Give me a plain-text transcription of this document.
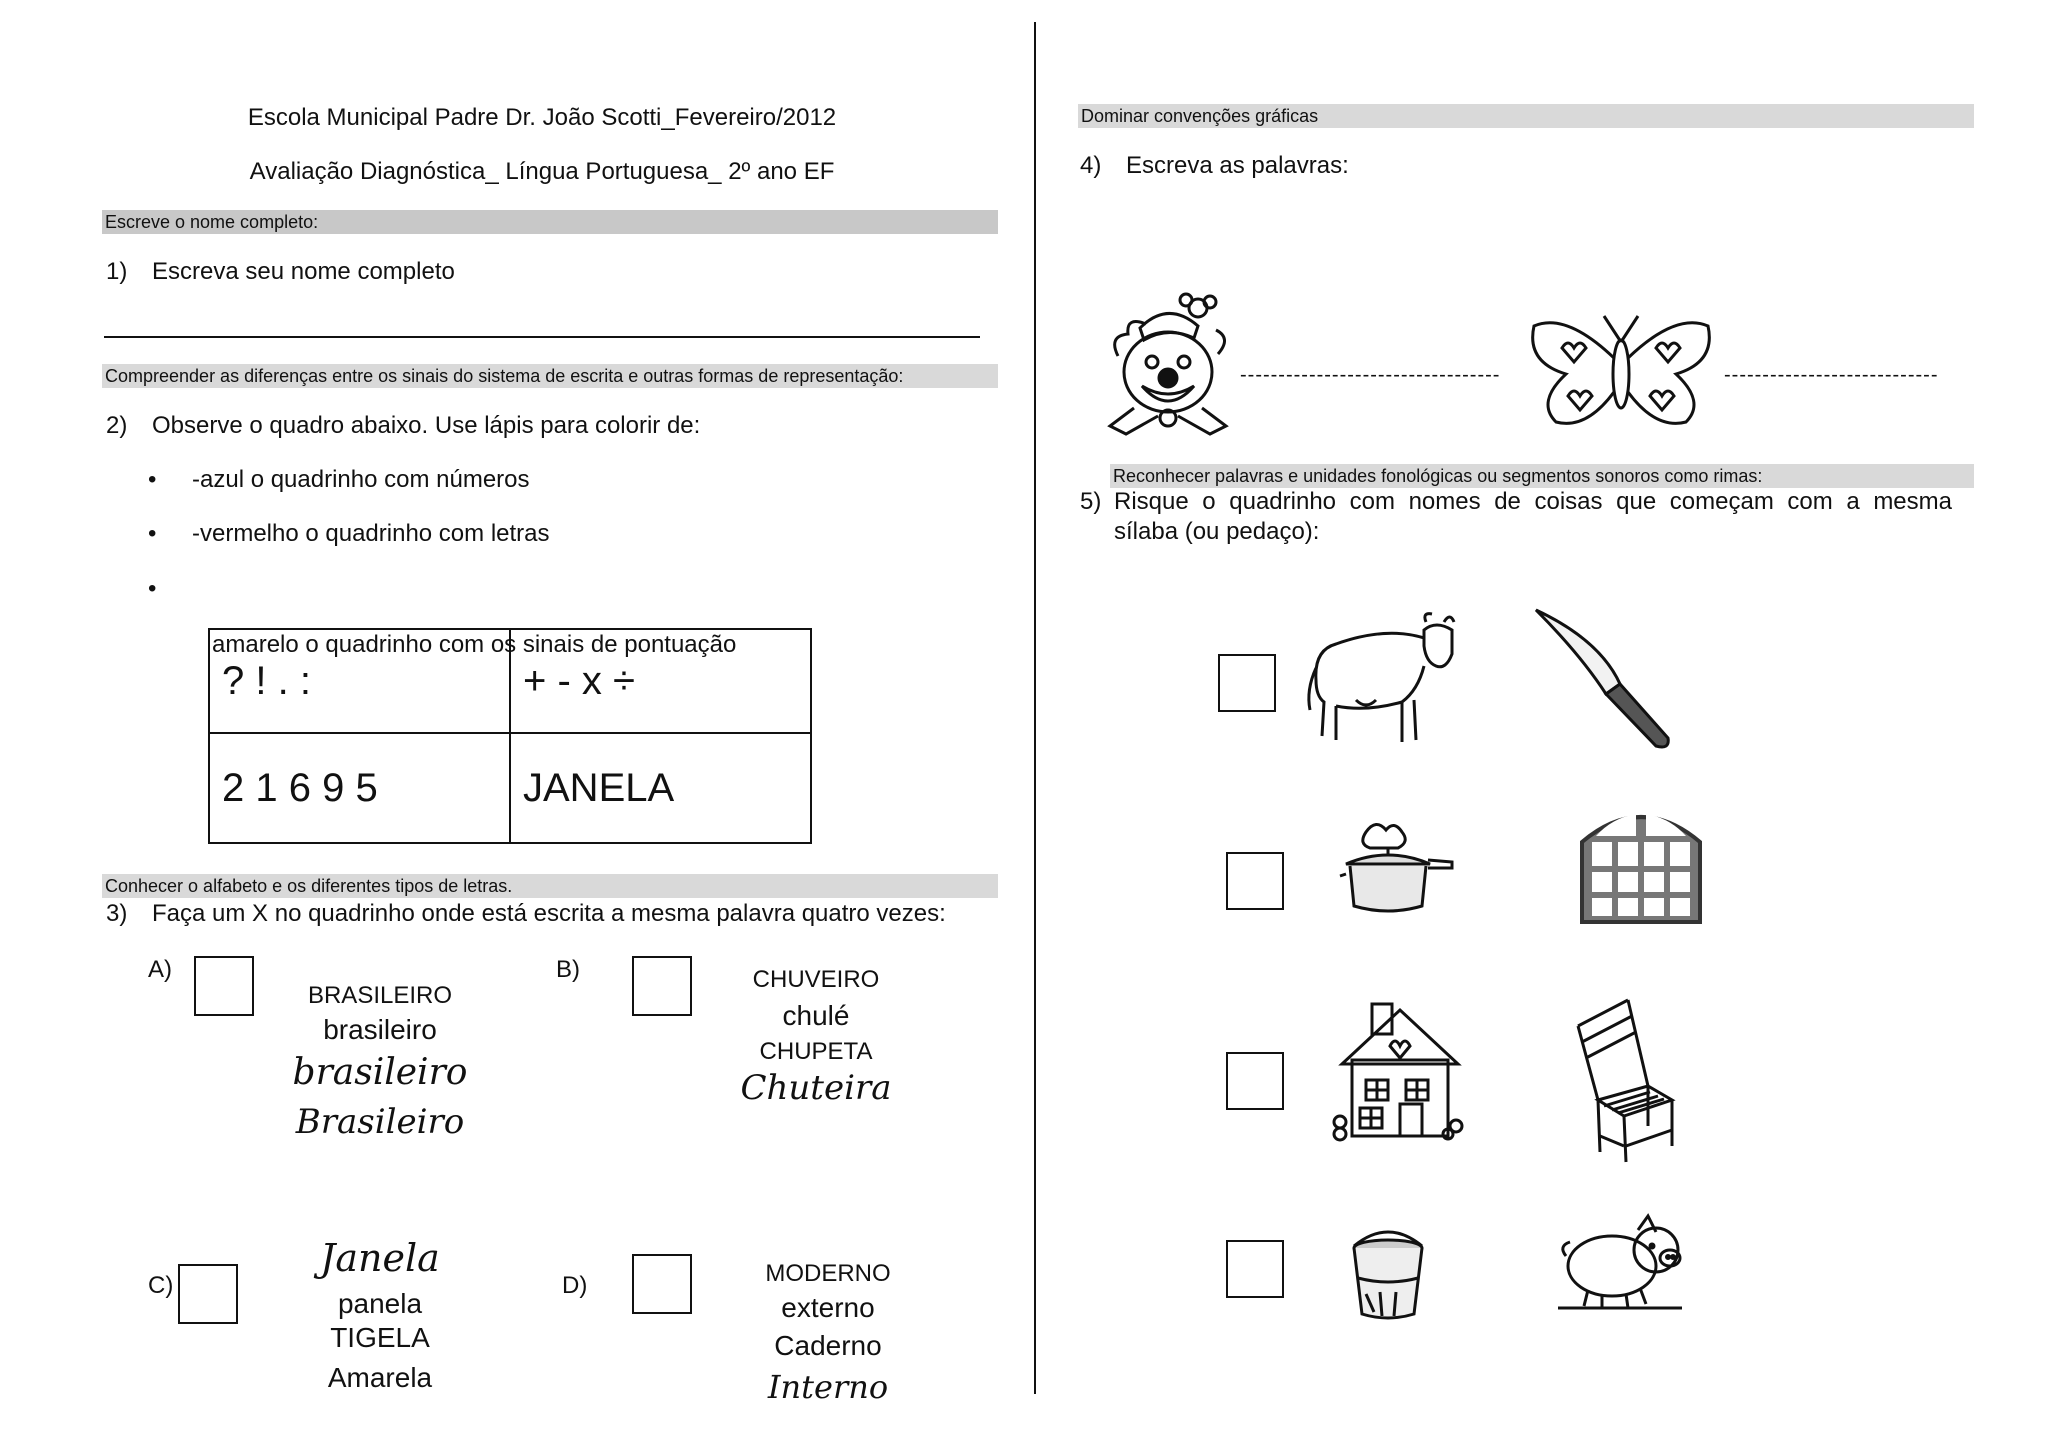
Escola Municipal Padre Dr. João Scotti_Fevereiro/2012
Avaliação Diagnóstica_ Língua Portuguesa_ 2º ano EF
Escreve o nome completo:
1) Escreva seu nome completo
Compreender as diferenças entre os sinais do sistema de escrita e outras formas de representação:
2) Observe o quadro abaixo. Use lápis para colorir de:
• -azul o quadrinho com números
• -vermelho o quadrinho com letras

•

amarelo o quadrinho com os sinais de pontuação

? ! . :	+ - x ÷
2 1 6 9 5	JANELA
Conhecer o alfabeto e os diferentes tipos de letras.
3) Faça um X no quadrinho onde está escrita a mesma palavra quatro vezes:
A)
BRASILEIRO
brasileiro
brasileiro
Brasileiro
B)	CHUVEIRO
chulé
CHUPETA
Chuteira
C)
Janela
panela
TIGELA
Amarela
D)	MODERNO
externo
Caderno
Interno
Dominar convenções gráficas
4) Escreva as palavras:
----------------------------------	----------------------------
Reconhecer palavras e unidades fonológicas ou segmentos sonoros como rimas:
5) Risque o quadrinho com nomes de coisas que começam com a mesma
sílaba (ou pedaço):
